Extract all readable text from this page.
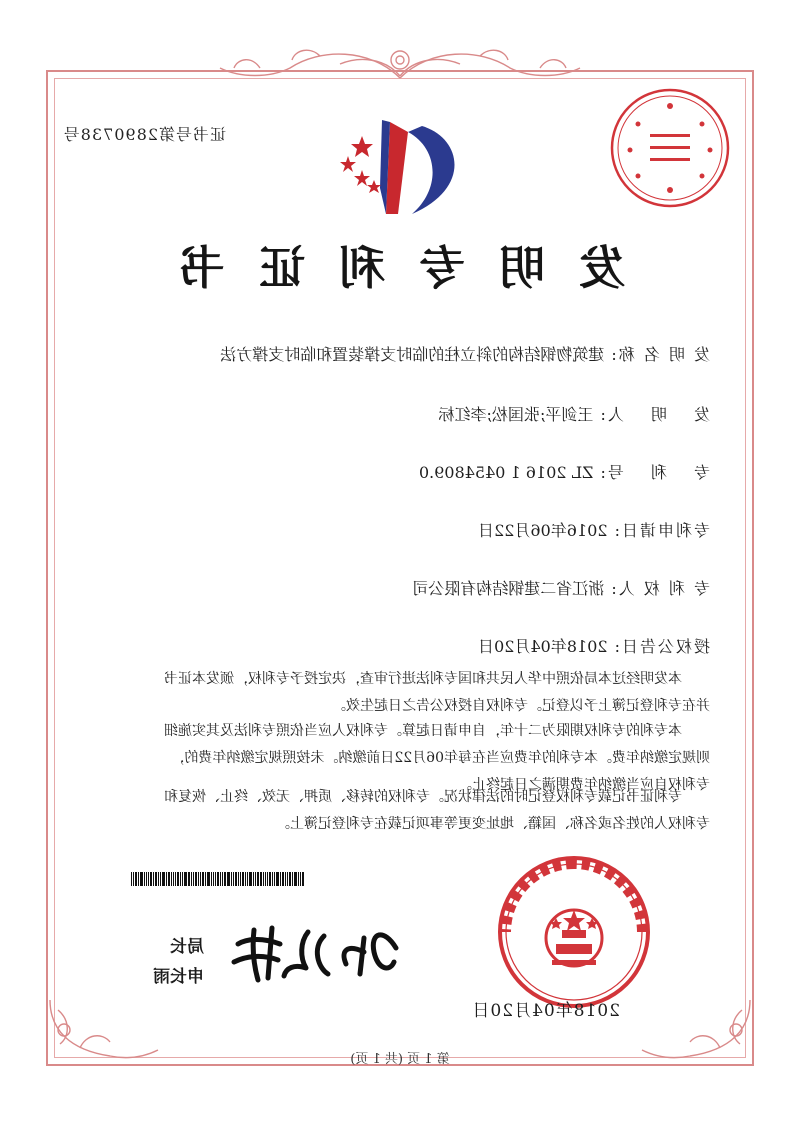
证书号第2890738号
发明专利证书
发 明 名 称: 建筑物钢结构的斜立柱的临时支撑装置和临时支撑方法
发　 明　 人: 王剑平;张国松;李红标
专　 利　 号: ZL 2016 1 0454809.0
专利申请日: 2016年06月22日
专 利 权 人: 浙江省二建钢结构有限公司
授权公告日: 2018年04月20日

本发明经过本局依照中华人民共和国专利法进行审查，决定授予专利权，颁发本证书

并在专利登记簿上予以登记。专利权自授权公告之日起生效。

本专利的专利权期限为二十年，自申请日起算。专利权人应当依照专利法及其实施细

则规定缴纳年费。本专利的年费应当在每年06月22日前缴纳。未按照规定缴纳年费的，

专利权自应当缴纳年费期满之日起终止。

专利证书记载专利权登记时的法律状况。专利权的转移、质押、无效、终止、恢复和

专利权人的姓名或名称、国籍、地址变更等事项记载在专利登记簿上。

2018年04月20日
局长
申长雨
第 1 页 (共 1 页)
